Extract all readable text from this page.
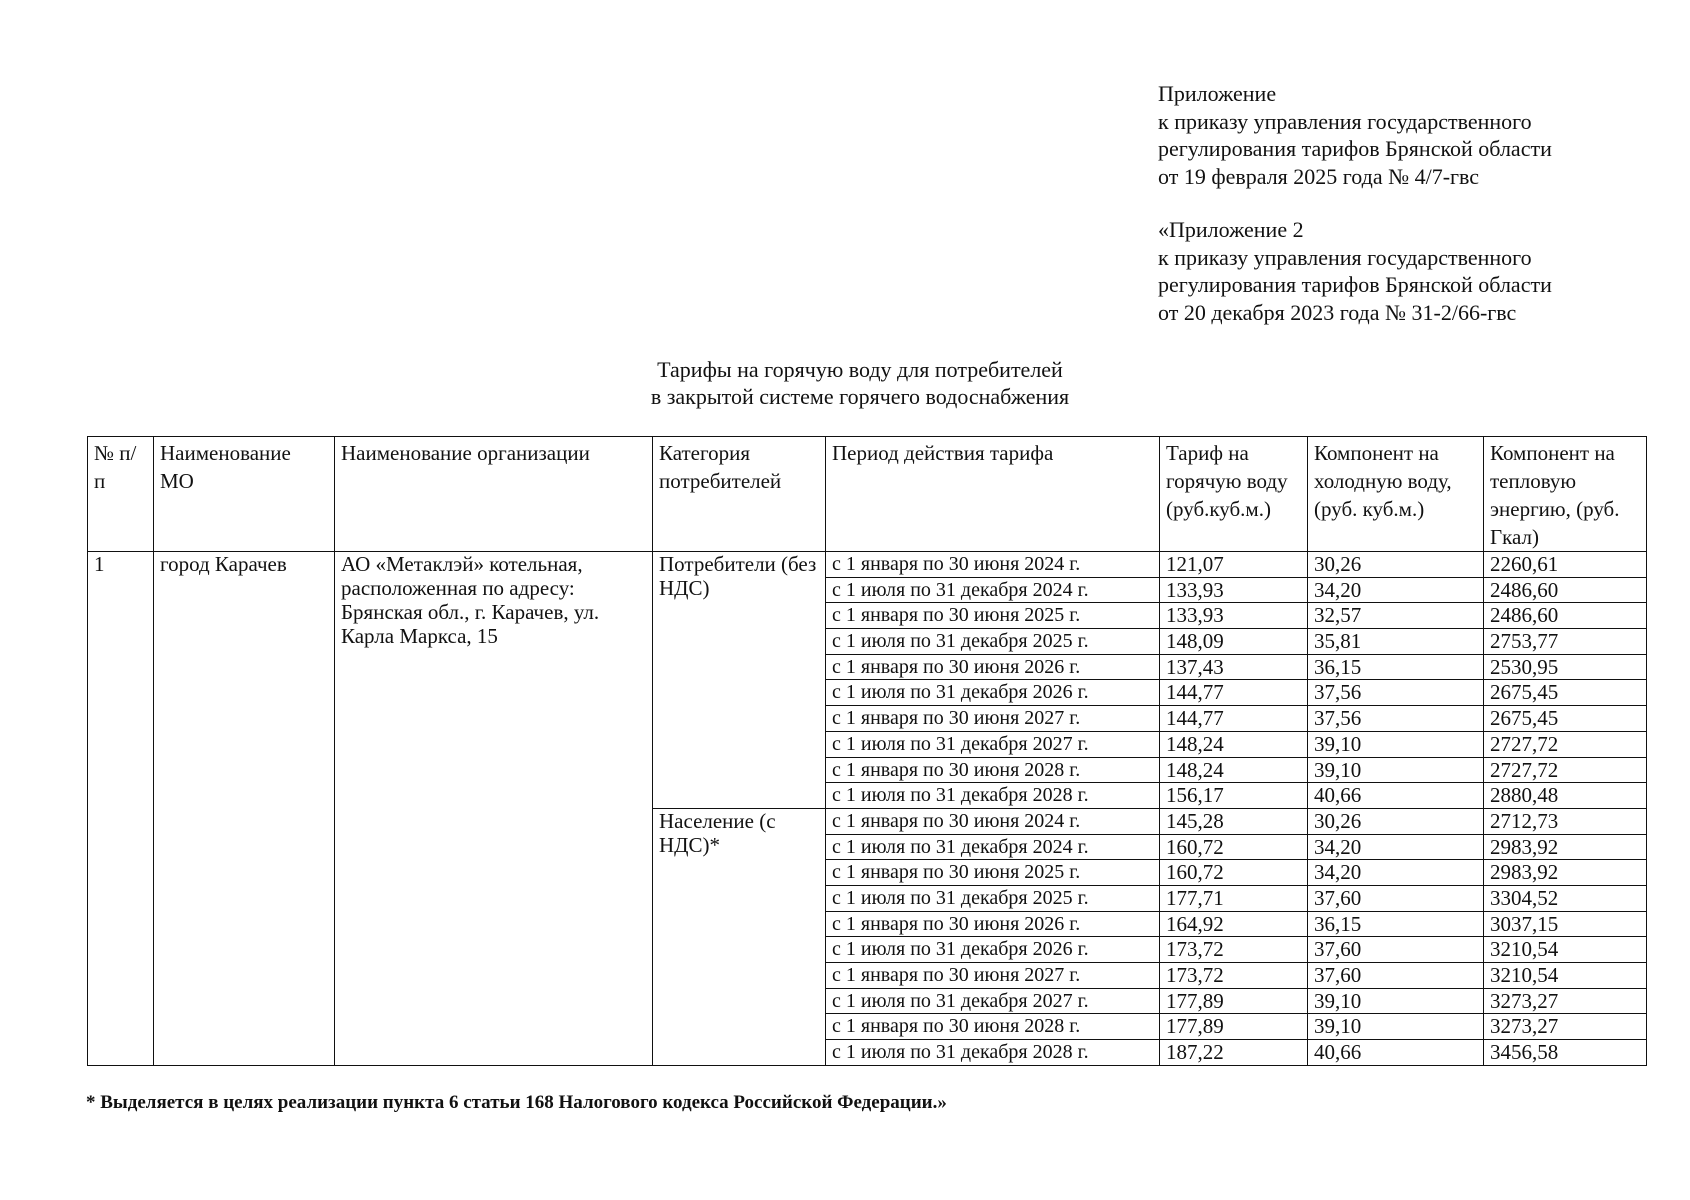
Приложение
к приказу управления государственного
регулирования тарифов Брянской области
от 19 февраля 2025 года № 4/7-гвс
«Приложение 2
к приказу управления государственного
регулирования тарифов Брянской области
от 20 декабря 2023 года № 31-2/66-гвс
Тарифы на горячую воду для потребителей
в закрытой системе горячего водоснабжения
№ п/п	Наименование МО	Наименование организации	Категория потребителей	Период действия тарифа	Тариф на горячую воду (руб.куб.м.)	Компонент на холодную воду, (руб. куб.м.)	Компонент на тепловую энергию, (руб. Гкал)
1	город Карачев	АО «Метаклэй» котельная, расположенная по адресу: Брянская обл., г. Карачев, ул. Карла Маркса, 15	Потребители (без НДС)	с 1 января по 30 июня 2024 г.	121,07	30,26	2260,61
				с 1 июля по 31 декабря 2024 г.	133,93	34,20	2486,60
				с 1 января по 30 июня 2025 г.	133,93	32,57	2486,60
				с 1 июля по 31 декабря 2025 г.	148,09	35,81	2753,77
				с 1 января по 30 июня 2026 г.	137,43	36,15	2530,95
				с 1 июля по 31 декабря 2026 г.	144,77	37,56	2675,45
				с 1 января по 30 июня 2027 г.	144,77	37,56	2675,45
				с 1 июля по 31 декабря 2027 г.	148,24	39,10	2727,72
				с 1 января по 30 июня 2028 г.	148,24	39,10	2727,72
				с 1 июля по 31 декабря 2028 г.	156,17	40,66	2880,48
			Население (с НДС)*	с 1 января по 30 июня 2024 г.	145,28	30,26	2712,73
				с 1 июля по 31 декабря 2024 г.	160,72	34,20	2983,92
				с 1 января по 30 июня 2025 г.	160,72	34,20	2983,92
				с 1 июля по 31 декабря 2025 г.	177,71	37,60	3304,52
				с 1 января по 30 июня 2026 г.	164,92	36,15	3037,15
				с 1 июля по 31 декабря 2026 г.	173,72	37,60	3210,54
				с 1 января по 30 июня 2027 г.	173,72	37,60	3210,54
				с 1 июля по 31 декабря 2027 г.	177,89	39,10	3273,27
				с 1 января по 30 июня 2028 г.	177,89	39,10	3273,27
				с 1 июля по 31 декабря 2028 г.	187,22	40,66	3456,58
* Выделяется в целях реализации пункта 6 статьи 168 Налогового кодекса Российской Федерации.»
